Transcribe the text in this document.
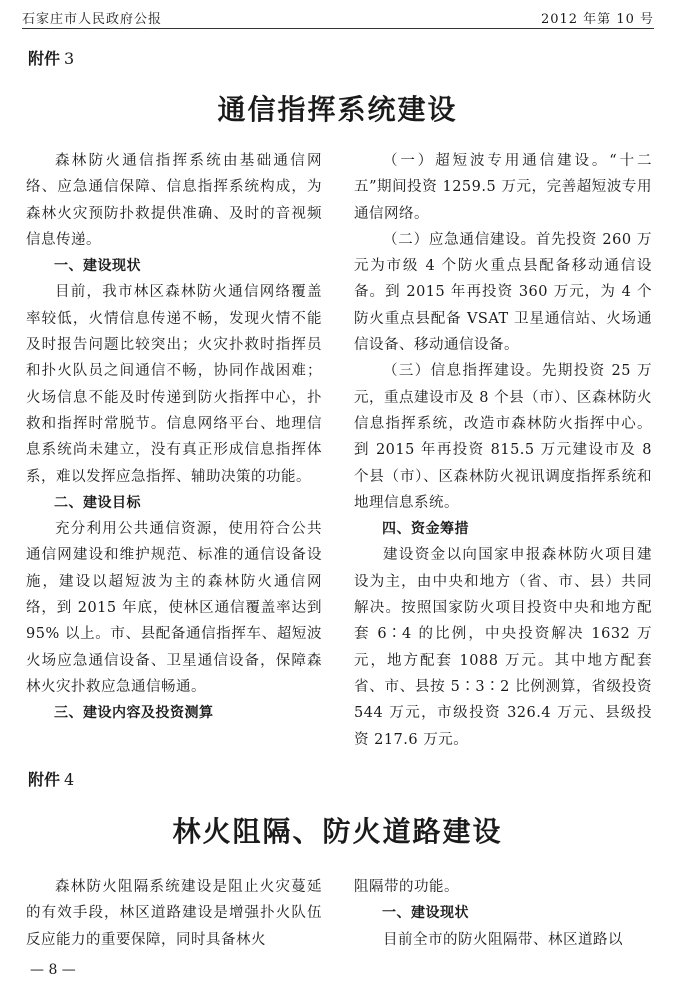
石家庄市人民政府公报	2012 年第 10 号
附件 3
通信指挥系统建设

森林防火通信指挥系统由基础通信网络、应急通信保障、信息指挥系统构成，为森林火灾预防扑救提供准确、及时的音视频信息传递。

一、建设现状

目前，我市林区森林防火通信网络覆盖率较低，火情信息传递不畅，发现火情不能及时报告问题比较突出；火灾扑救时指挥员和扑火队员之间通信不畅，协同作战困难；火场信息不能及时传递到防火指挥中心，扑救和指挥时常脱节。信息网络平台、地理信息系统尚未建立，没有真正形成信息指挥体系，难以发挥应急指挥、辅助决策的功能。

二、建设目标

充分利用公共通信资源，使用符合公共通信网建设和维护规范、标准的通信设备设施，建设以超短波为主的森林防火通信网络，到 2015 年底，使林区通信覆盖率达到 95% 以上。市、县配备通信指挥车、超短波火场应急通信设备、卫星通信设备，保障森林火灾扑救应急通信畅通。

三、建设内容及投资测算

（一）超短波专用通信建设。“十二五”期间投资 1259.5 万元，完善超短波专用通信网络。

（二）应急通信建设。首先投资 260 万元为市级 4 个防火重点县配备移动通信设备。到 2015 年再投资 360 万元，为 4 个防火重点县配备 VSAT 卫星通信站、火场通信设备、移动通信设备。

（三）信息指挥建设。先期投资 25 万元，重点建设市及 8 个县（市）、区森林防火信息指挥系统，改造市森林防火指挥中心。到 2015 年再投资 815.5 万元建设市及 8 个县（市）、区森林防火视讯调度指挥系统和地理信息系统。

四、资金筹措

建设资金以向国家申报森林防火项目建设为主，由中央和地方（省、市、县）共同解决。按照国家防火项目投资中央和地方配套 6∶4 的比例，中央投资解决 1632 万元，地方配套 1088 万元。其中地方配套省、市、县按 5∶3∶2 比例测算，省级投资 544 万元，市级投资 326.4 万元、县级投资 217.6 万元。

附件 4
林火阻隔、防火道路建设

森林防火阻隔系统建设是阻止火灾蔓延的有效手段，林区道路建设是增强扑火队伍反应能力的重要保障，同时具备林火

阻隔带的功能。

一、建设现状

目前全市的防火阻隔带、林区道路以

— 8 —
